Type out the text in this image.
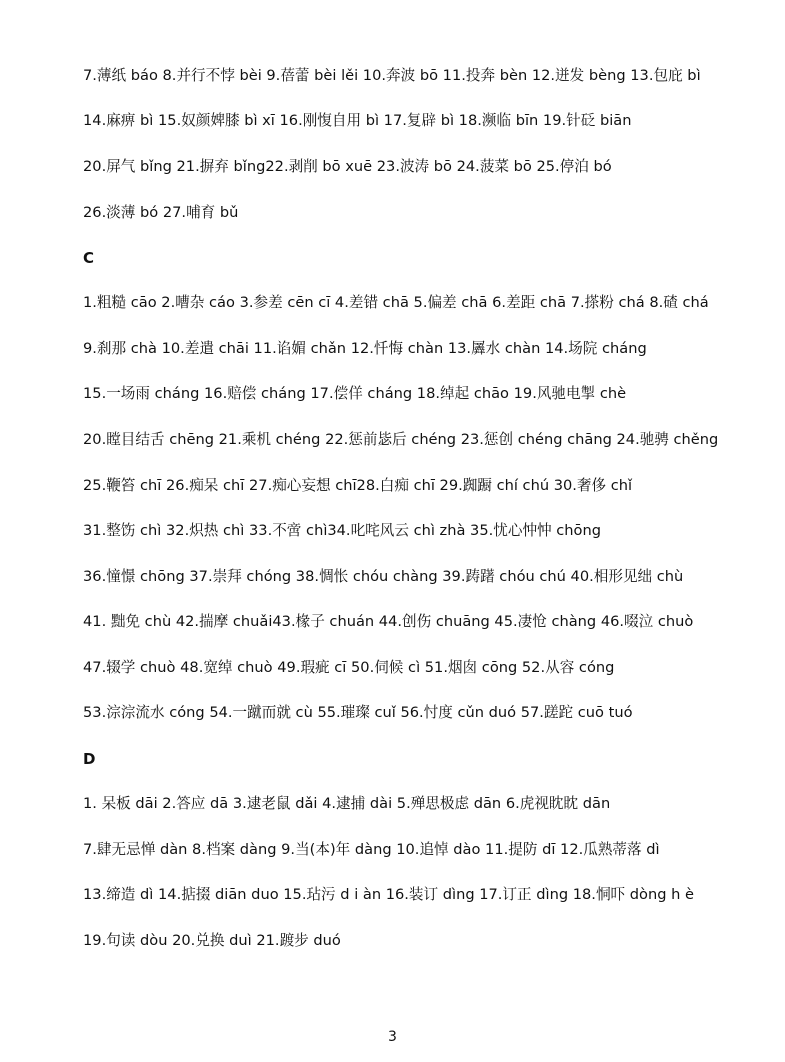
7.薄纸 báo 8.并行不悖 bèi 9.蓓蕾 bèi lěi 10.奔波 bō 11.投奔 bèn 12.迸发 bèng 13.包庇 bì
14.麻痹 bì 15.奴颜婢膝 bì xī 16.刚愎自用 bì 17.复辟 bì 18.濒临 bīn 19.针砭 biān
20.屏气 bǐng 21.摒弃 bǐng22.剥削 bō xuē 23.波涛 bō 24.菠菜 bō 25.停泊 bó
26.淡薄 bó 27.哺育 bǔ
C
1.粗糙 cāo 2.嘈杂 cáo 3.参差 cēn cī 4.差错 chā 5.偏差 chā 6.差距 chā 7.搽粉 chá 8.碴 chá
9.刹那 chà 10.差遣 chāi 11.谄媚 chǎn 12.忏悔 chàn 13.羼水 chàn 14.场院 cháng
15.一场雨 cháng 16.赔偿 cháng 17.偿佯 cháng 18.绰起 chāo 19.风驰电掣 chè
20.瞠目结舌 chēng 21.乘机 chéng 22.惩前毖后 chéng 23.惩创 chéng chāng 24.驰骋 chěng
25.鞭笞 chī 26.痴呆 chī 27.痴心妄想 chī28.白痴 chī 29.踟蹰 chí chú 30.奢侈 chǐ
31.整饬 chì 32.炽热 chì 33.不啻 chì34.叱咤风云 chì zhà 35.忧心忡忡 chōng
36.憧憬 chōng 37.崇拜 chóng 38.惆怅 chóu chàng 39.踌躇 chóu chú 40.相形见绌 chù
41. 黜免 chù 42.揣摩 chuǎi43.椽子 chuán 44.创伤 chuāng 45.凄怆 chàng 46.啜泣 chuò
47.辍学 chuò 48.宽绰 chuò 49.瑕疵 cī 50.伺候 cì 51.烟囱 cōng 52.从容 cóng
53.淙淙流水 cóng 54.一蹴而就 cù 55.璀璨 cuǐ 56.忖度 cǔn duó 57.蹉跎 cuō tuó
D
1. 呆板 dāi 2.答应 dā 3.逮老鼠 dǎi 4.逮捕 dài 5.殚思极虑 dān 6.虎视眈眈 dān
7.肆无忌惮 dàn 8.档案 dàng 9.当(本)年 dàng 10.追悼 dào 11.提防 dī 12.瓜熟蒂落 dì
13.缔造 dì 14.掂掇 diān duo 15.玷污 d i àn 16.装订 dìng 17.订正 dìng 18.恫吓 dòng h è
19.句读 dòu 20.兑换 duì 21.踱步 duó
3
